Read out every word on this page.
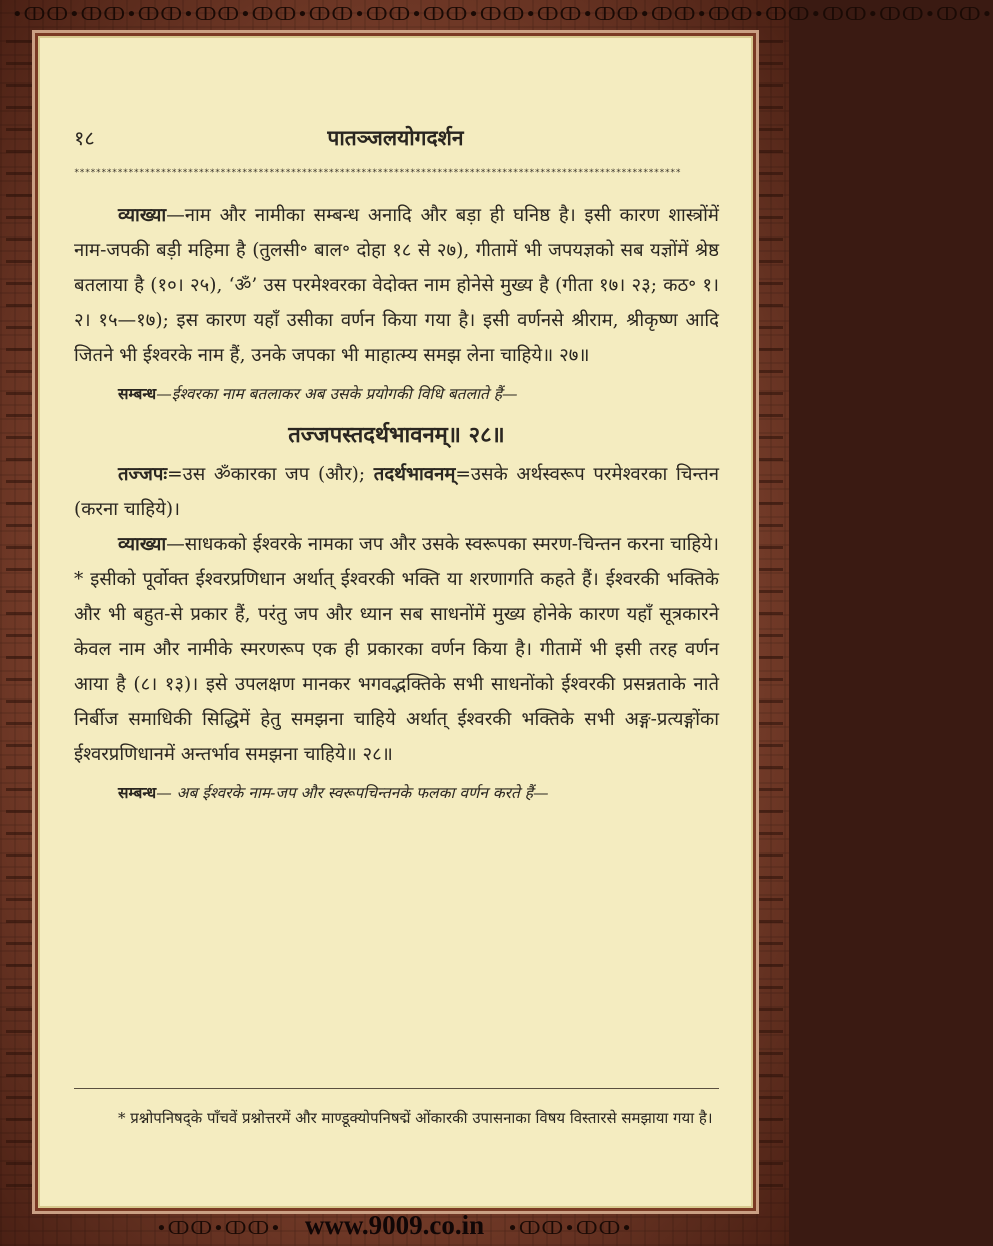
•ↀↀ•ↀↀ•ↀↀ•ↀↀ•ↀↀ•ↀↀ•ↀↀ•ↀↀ•ↀↀ•ↀↀ•ↀↀ•ↀↀ•ↀↀ•ↀↀ•ↀↀ•ↀↀ•ↀↀ•
१८	पातञ्जलयोगदर्शन
****************************************************************************************************************

व्याख्या—नाम और नामीका सम्बन्ध अनादि और बड़ा ही घनिष्ठ है। इसी कारण शास्त्रोंमें नाम-जपकी बड़ी महिमा है (तुलसी॰ बाल॰ दोहा १८ से २७), गीतामें भी जपयज्ञको सब यज्ञोंमें श्रेष्ठ बतलाया है (१०। २५), ‘ॐ’ उस परमेश्वरका वेदोक्त नाम होनेसे मुख्य है (गीता १७। २३; कठ॰ १। २। १५—१७); इस कारण यहाँ उसीका वर्णन किया गया है। इसी वर्णनसे श्रीराम, श्रीकृष्ण आदि जितने भी ईश्वरके नाम हैं, उनके जपका भी माहात्म्य समझ लेना चाहिये॥ २७॥

सम्बन्ध—ईश्वरका नाम बतलाकर अब उसके प्रयोगकी विधि बतलाते हैं—

तज्जपस्तदर्थभावनम्॥ २८॥

तज्जपः=उस ॐकारका जप (और); तदर्थभावनम्=उसके अर्थस्वरूप परमेश्वरका चिन्तन (करना चाहिये)।

व्याख्या—साधकको ईश्वरके नामका जप और उसके स्वरूपका स्मरण-चिन्तन करना चाहिये।* इसीको पूर्वोक्त ईश्वरप्रणिधान अर्थात् ईश्वरकी भक्ति या शरणागति कहते हैं। ईश्वरकी भक्तिके और भी बहुत-से प्रकार हैं, परंतु जप और ध्यान सब साधनोंमें मुख्य होनेके कारण यहाँ सूत्रकारने केवल नाम और नामीके स्मरणरूप एक ही प्रकारका वर्णन किया है। गीतामें भी इसी तरह वर्णन आया है (८। १३)। इसे उपलक्षण मानकर भगवद्भक्तिके सभी साधनोंको ईश्वरकी प्रसन्नताके नाते निर्बीज समाधिकी सिद्धिमें हेतु समझना चाहिये अर्थात् ईश्वरकी भक्तिके सभी अङ्ग-प्रत्यङ्गोंका ईश्वरप्रणिधानमें अन्तर्भाव समझना चाहिये॥ २८॥

सम्बन्ध— अब ईश्वरके नाम-जप और स्वरूपचिन्तनके फलका वर्णन करते हैं—

* प्रश्नोपनिषद्के पाँचवें प्रश्नोत्तरमें और माण्डूक्योपनिषद्में ओंकारकी उपासनाका विषय विस्तारसे समझाया गया है।
•ↀↀ•ↀↀ• www.9009.co.in •ↀↀ•ↀↀ•
